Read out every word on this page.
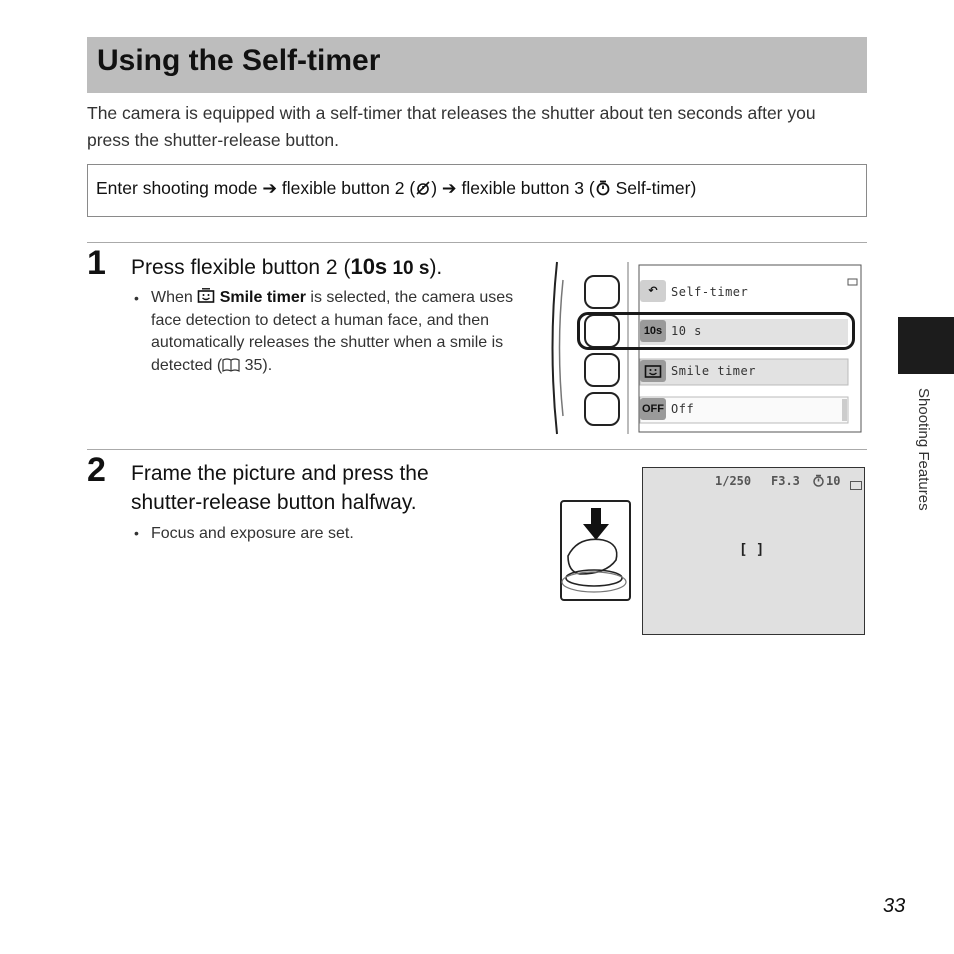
Using the Self-timer
The camera is equipped with a self-timer that releases the shutter about ten seconds after you press the shutter-release button.
Enter shooting mode ➔ flexible button 2 ( ) ➔ flexible button 3 ( Self-timer)
1 Press flexible button 2 (10s 10 s).
• When  Smile timer is selected, the camera uses face detection to detect a human face, and then automatically releases the shutter when a smile is detected ( 35).
↶	Self-timer
10s 10 s
Smile timer
OFF Off
2 Frame the picture and press the shutter-release button halfway.
• Focus and exposure are set.
1/250 F3.3 10
[ ]
Shooting Features
33
